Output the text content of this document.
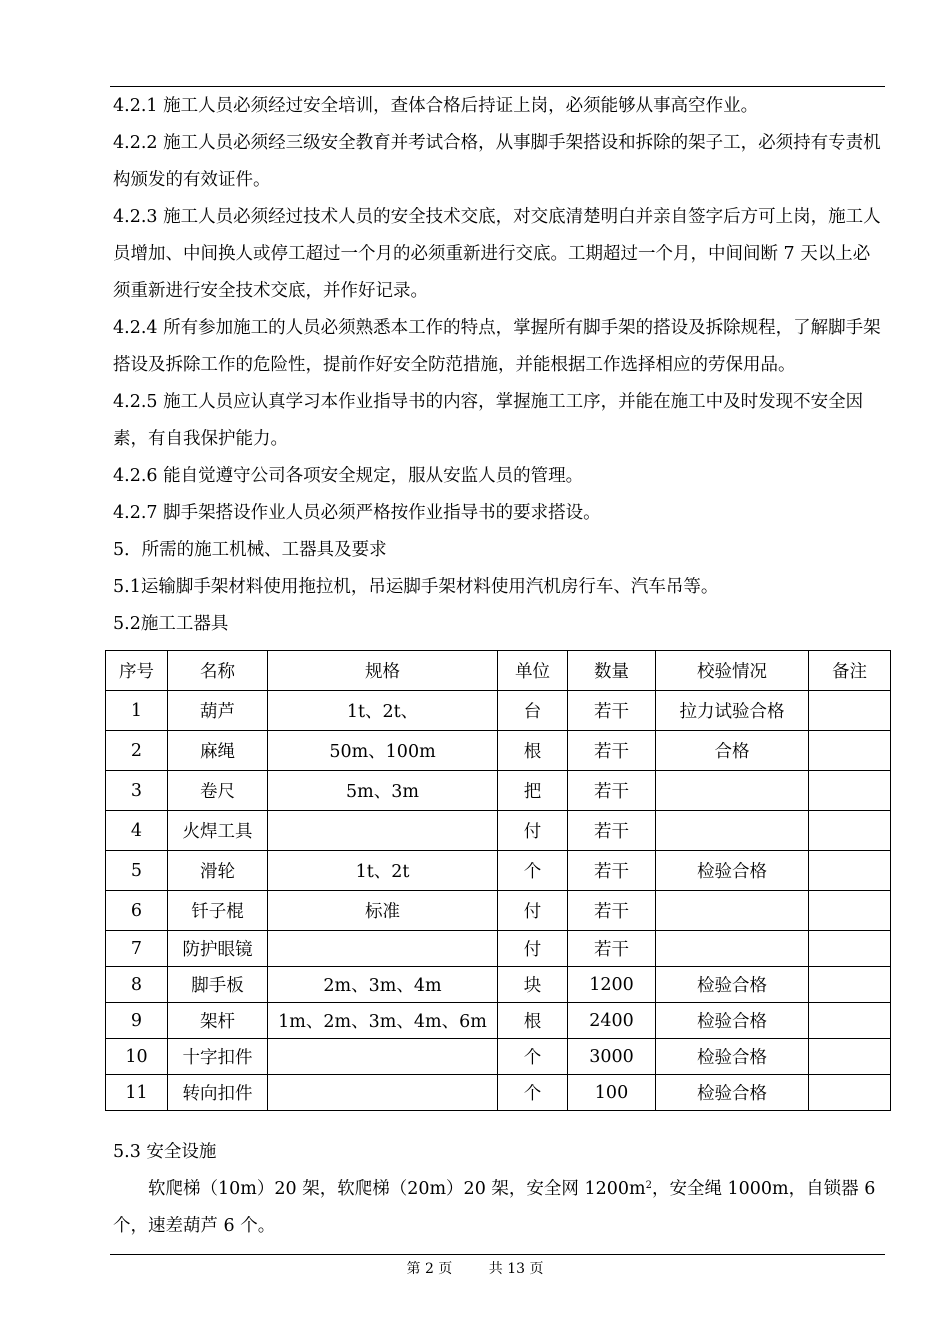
4.2.1 施工人员必须经过安全培训，查体合格后持证上岗，必须能够从事高空作业。

4.2.2 施工人员必须经三级安全教育并考试合格，从事脚手架搭设和拆除的架子工，必须持有专责机构颁发的有效证件。

4.2.3 施工人员必须经过技术人员的安全技术交底，对交底清楚明白并亲自签字后方可上岗，施工人员增加、中间换人或停工超过一个月的必须重新进行交底。工期超过一个月，中间间断 7 天以上必须重新进行安全技术交底，并作好记录。

4.2.4 所有参加施工的人员必须熟悉本工作的特点，掌握所有脚手架的搭设及拆除规程，了解脚手架搭设及拆除工作的危险性，提前作好安全防范措施，并能根据工作选择相应的劳保用品。

4.2.5 施工人员应认真学习本作业指导书的内容，掌握施工工序，并能在施工中及时发现不安全因素，有自我保护能力。

4.2.6 能自觉遵守公司各项安全规定，服从安监人员的管理。

4.2.7 脚手架搭设作业人员必须严格按作业指导书的要求搭设。

5．所需的施工机械、工器具及要求

5.1运输脚手架材料使用拖拉机，吊运脚手架材料使用汽机房行车、汽车吊等。

5.2施工工器具

序号	名称	规格	单位	数量	校验情况	备注
1	葫芦	1t、2t、	台	若干	拉力试验合格	
2	麻绳	50m、100m	根	若干	合格	
3	卷尺	5m、3m	把	若干		
4	火焊工具		付	若干		
5	滑轮	1t、2t	个	若干	检验合格	
6	钎子棍	标准	付	若干		
7	防护眼镜		付	若干		
8	脚手板	2m、3m、4m	块	1200	检验合格	
9	架杆	1m、2m、3m、4m、6m	根	2400	检验合格	
10	十字扣件		个	3000	检验合格	
11	转向扣件		个	100	检验合格	

5.3 安全设施

软爬梯（10m）20 架，软爬梯（20m）20 架，安全网 $1200m^2$，安全绳 1000m，自锁器 6 个，速差葫芦 6 个。

第 2 页	共 13 页
